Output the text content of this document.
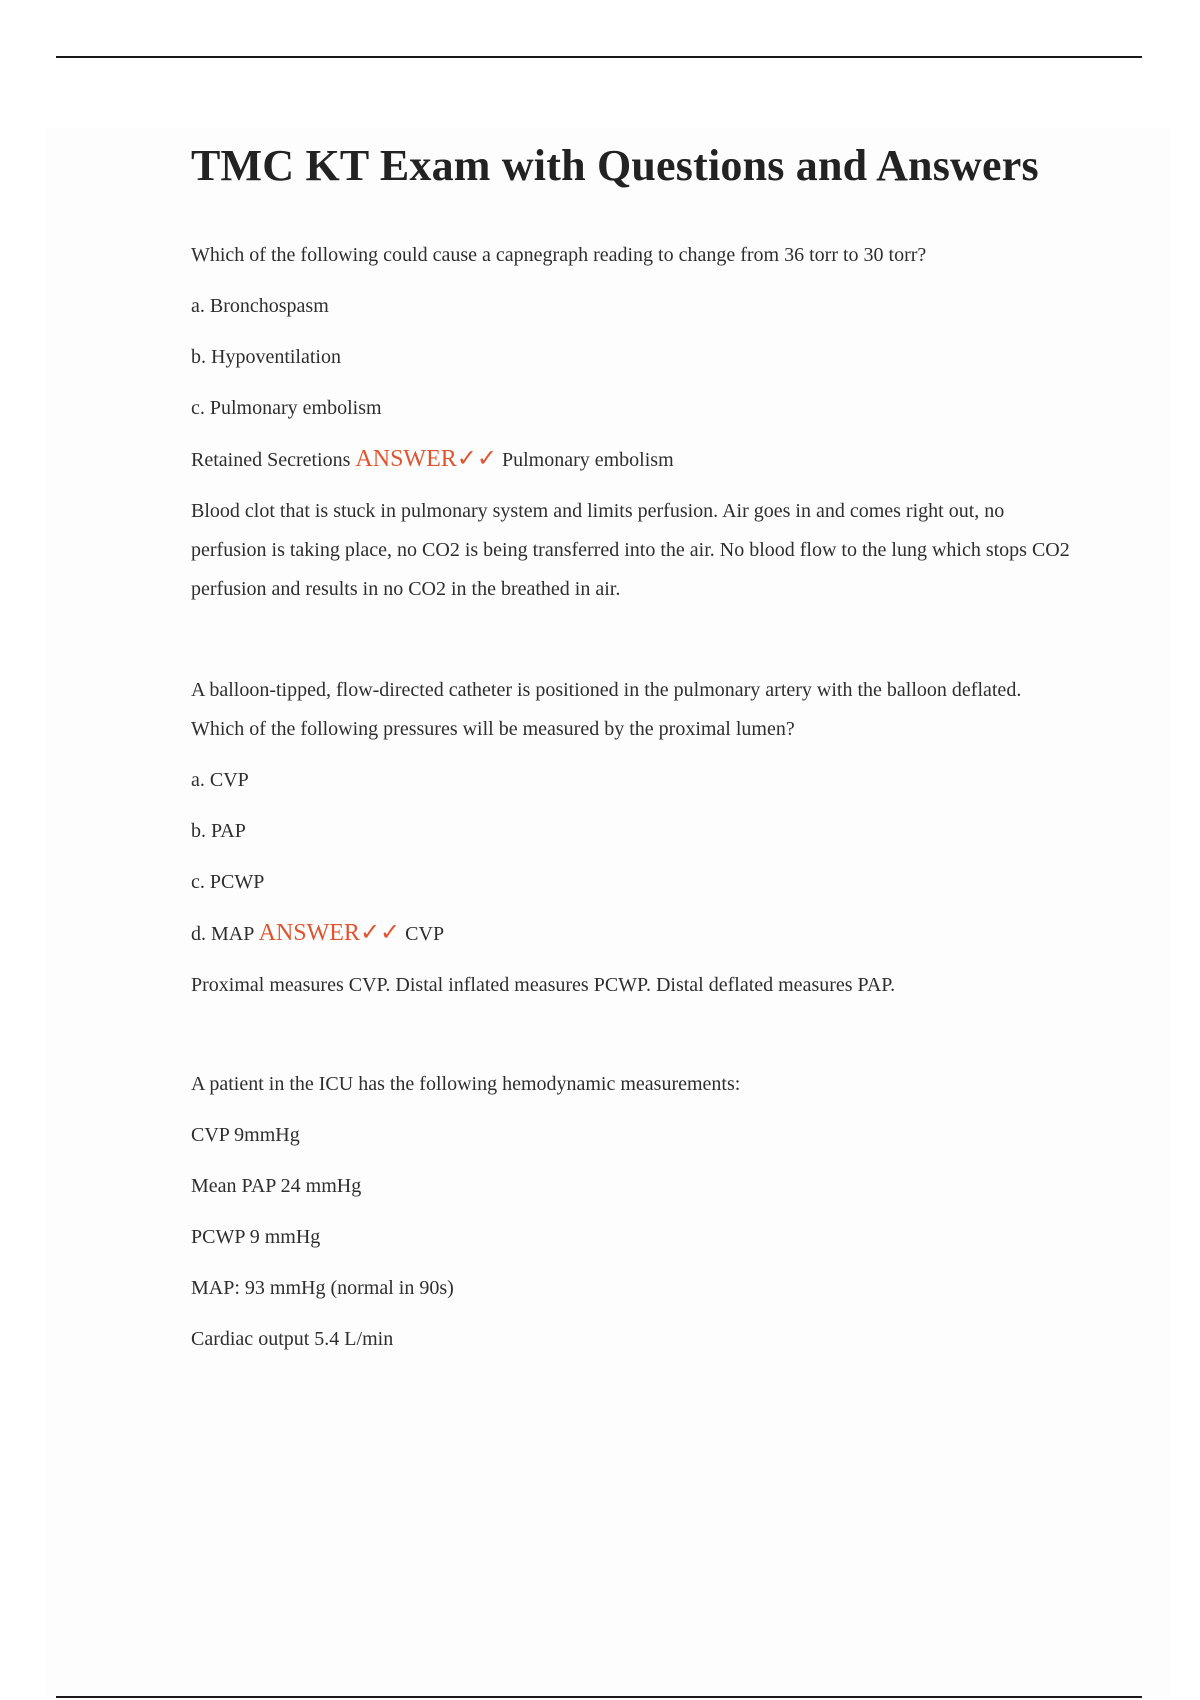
TMC KT Exam with Questions and Answers

Which of the following could cause a capnegraph reading to change from 36 torr to 30 torr?

a. Bronchospasm

b. Hypoventilation

c. Pulmonary embolism

Retained Secretions ANSWER✓✓ Pulmonary embolism

Blood clot that is stuck in pulmonary system and limits perfusion. Air goes in and comes right out, no perfusion is taking place, no CO2 is being transferred into the air. No blood flow to the lung which stops CO2 perfusion and results in no CO2 in the breathed in air.

A balloon-tipped, flow-directed catheter is positioned in the pulmonary artery with the balloon deflated. Which of the following pressures will be measured by the proximal lumen?

a. CVP

b. PAP

c. PCWP

d. MAP ANSWER✓✓ CVP

Proximal measures CVP. Distal inflated measures PCWP. Distal deflated measures PAP.

A patient in the ICU has the following hemodynamic measurements:

CVP 9mmHg

Mean PAP 24 mmHg

PCWP 9 mmHg

MAP: 93 mmHg (normal in 90s)

Cardiac output 5.4 L/min
